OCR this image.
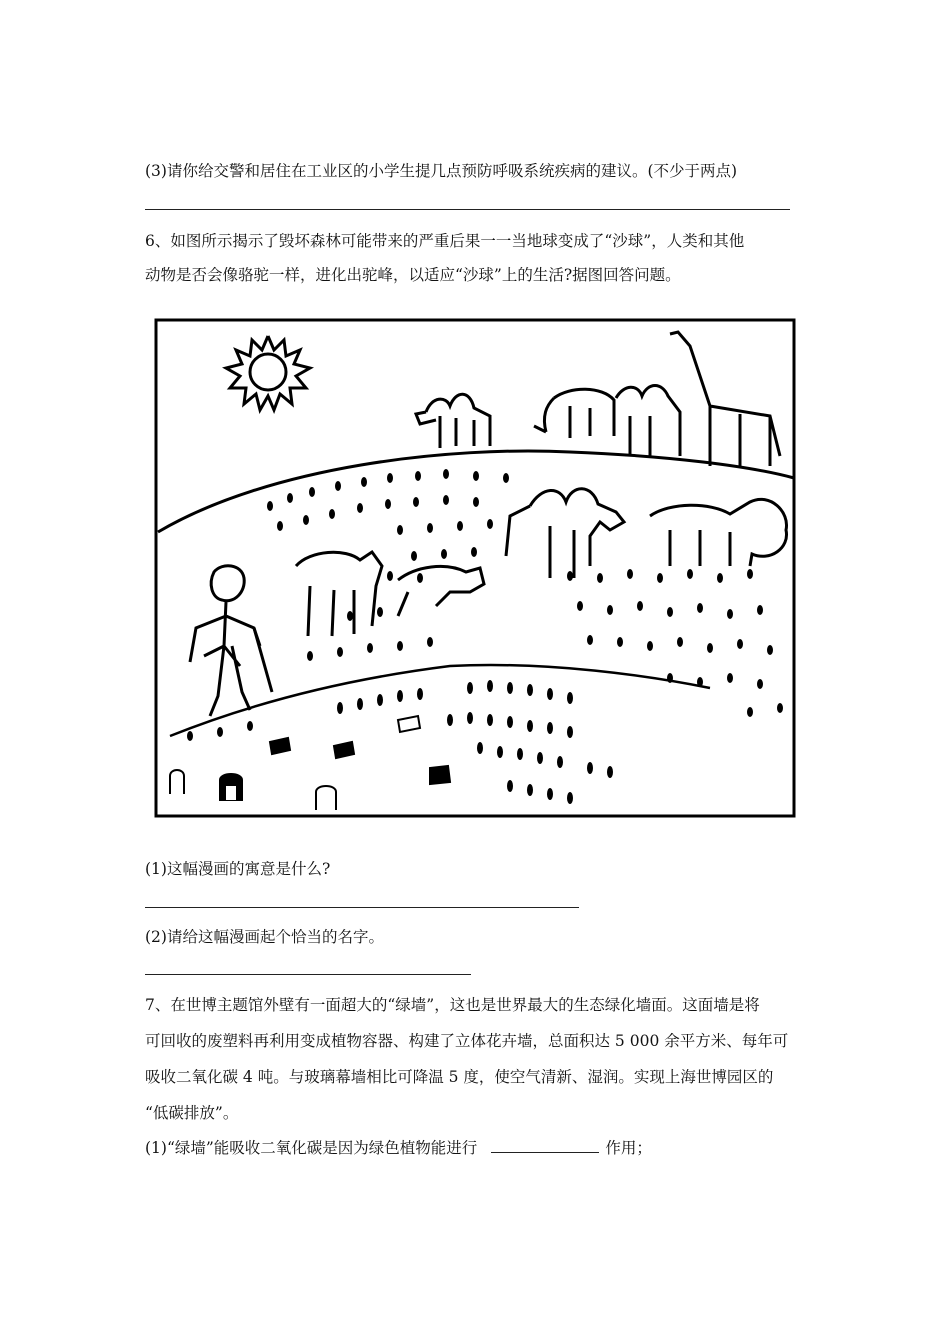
(3)请你给交警和居住在工业区的小学生提几点预防呼吸系统疾病的建议。(不少于两点)
6、如图所示揭示了毁坏森林可能带来的严重后果一一当地球变成了“沙球”，人类和其他
动物是否会像骆驼一样，进化出驼峰，以适应“沙球”上的生活?据图回答问题。
(1)这幅漫画的寓意是什么?
(2)请给这幅漫画起个恰当的名字。
7、在世博主题馆外壁有一面超大的“绿墙”，这也是世界最大的生态绿化墙面。这面墙是将
可回收的废塑料再利用变成植物容器、构建了立体花卉墙，总面积达 5 000 余平方米、每年可
吸收二氧化碳 4 吨。与玻璃幕墙相比可降温 5 度，使空气清新、湿润。实现上海世博园区的
“低碳排放”。
(1)“绿墙”能吸收二氧化碳是因为绿色植物能进行	作用；
